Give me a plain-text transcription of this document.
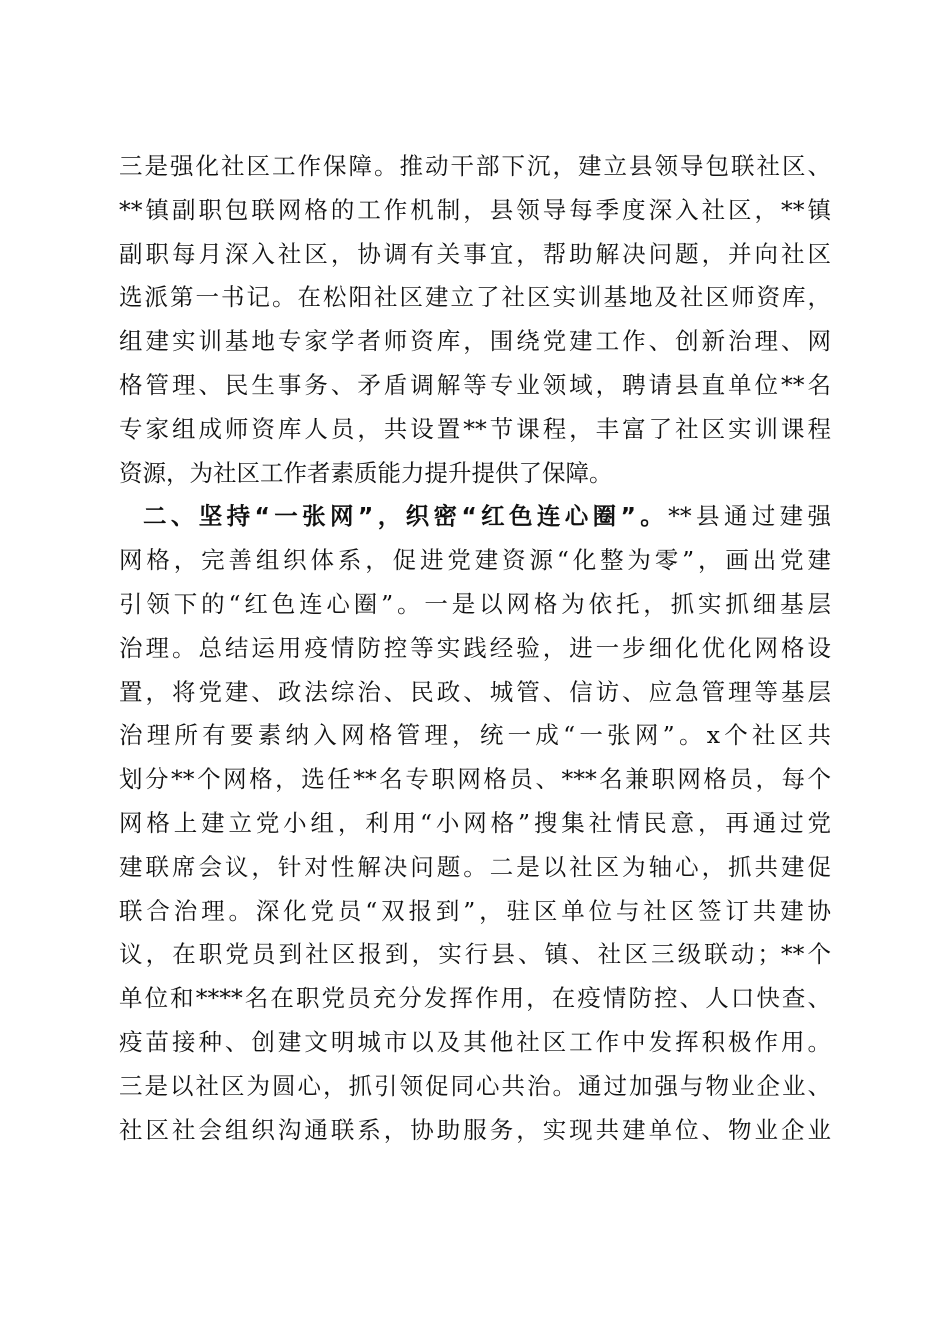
三是强化社区工作保障。推动干部下沉，建立县领导包联社区、
**镇副职包联网格的工作机制，县领导每季度深入社区，**镇
副职每月深入社区，协调有关事宜，帮助解决问题，并向社区
选派第一书记。在松阳社区建立了社区实训基地及社区师资库，
组建实训基地专家学者师资库，围绕党建工作、创新治理、网
格管理、民生事务、矛盾调解等专业领域，聘请县直单位**名
专家组成师资库人员，共设置**节课程，丰富了社区实训课程
资源，为社区工作者素质能力提升提供了保障。
二、坚持“一张网”，织密“红色连心圈”。**县通过建强
网格，完善组织体系，促进党建资源“化整为零”，画出党建
引领下的“红色连心圈”。一是以网格为依托，抓实抓细基层
治理。总结运用疫情防控等实践经验，进一步细化优化网格设
置，将党建、政法综治、民政、城管、信访、应急管理等基层
治理所有要素纳入网格管理，统一成“一张网”。x个社区共
划分**个网格，选任**名专职网格员、***名兼职网格员，每个
网格上建立党小组，利用“小网格”搜集社情民意，再通过党
建联席会议，针对性解决问题。二是以社区为轴心，抓共建促
联合治理。深化党员“双报到”，驻区单位与社区签订共建协
议，在职党员到社区报到，实行县、镇、社区三级联动；**个
单位和****名在职党员充分发挥作用，在疫情防控、人口快查、
疫苗接种、创建文明城市以及其他社区工作中发挥积极作用。
三是以社区为圆心，抓引领促同心共治。通过加强与物业企业、
社区社会组织沟通联系，协助服务，实现共建单位、物业企业
